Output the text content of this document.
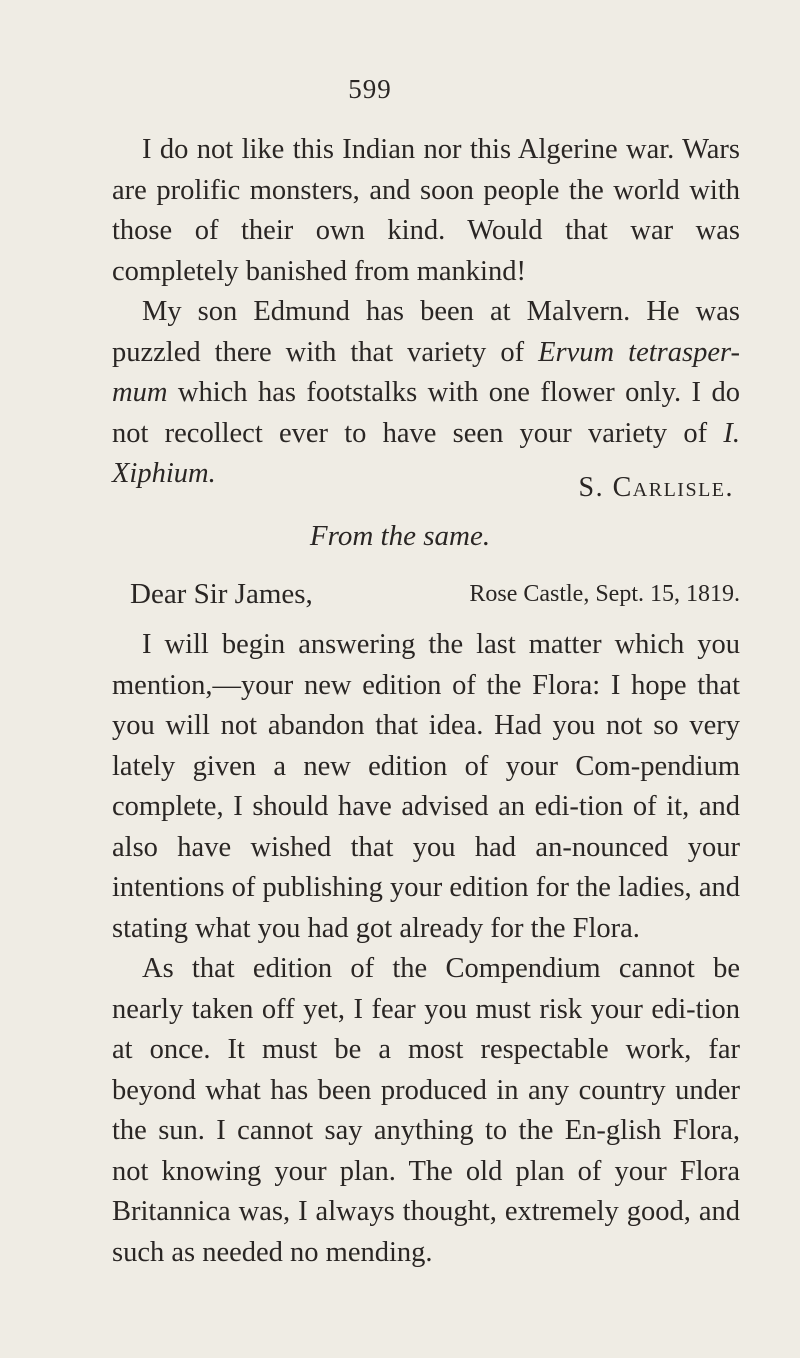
599

I do not like this Indian nor this Algerine war. Wars are prolific monsters, and soon people the world with those of their own kind. Would that war was completely banished from mankind!

My son Edmund has been at Malvern. He was puzzled there with that variety of Ervum tetrasper-mum which has footstalks with one flower only. I do not recollect ever to have seen your variety of I. Xiphium.	S. Carlisle.
From the same.
Dear Sir James,	Rose Castle, Sept. 15, 1819.

I will begin answering the last matter which you mention,—your new edition of the Flora: I hope that you will not abandon that idea. Had you not so very lately given a new edition of your Com-pendium complete, I should have advised an edi-tion of it, and also have wished that you had an-nounced your intentions of publishing your edition for the ladies, and stating what you had got already for the Flora.

As that edition of the Compendium cannot be nearly taken off yet, I fear you must risk your edi-tion at once. It must be a most respectable work, far beyond what has been produced in any country under the sun. I cannot say anything to the En-glish Flora, not knowing your plan. The old plan of your Flora Britannica was, I always thought, extremely good, and such as needed no mending.
